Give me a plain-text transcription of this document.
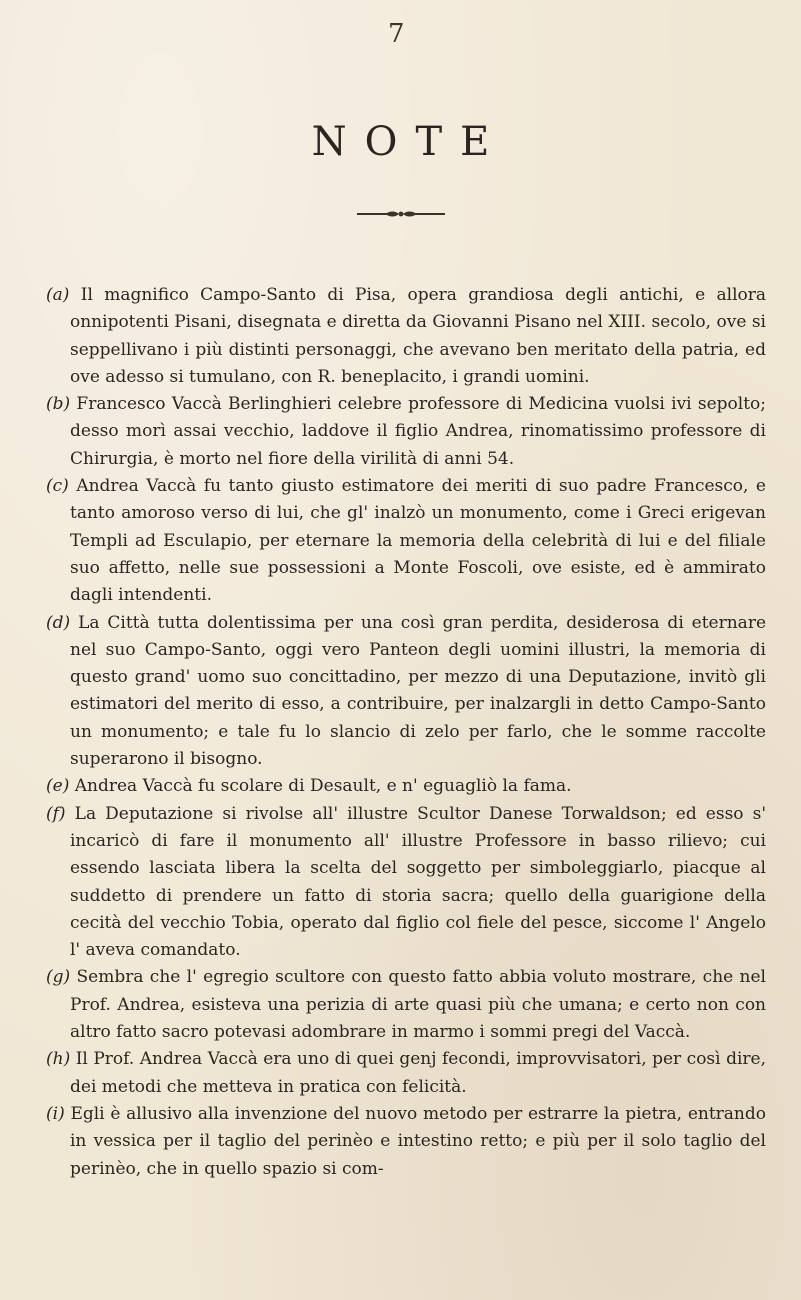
7
NOTE

(a) Il magnifico Campo-Santo di Pisa, opera grandiosa degli antichi, e allora onnipotenti Pisani, disegnata e diretta da Giovanni Pisano nel XIII. secolo, ove si seppellivano i più distinti personaggi, che avevano ben meritato della patria, ed ove adesso si tumulano, con R. beneplacito, i grandi uomini.

(b) Francesco Vaccà Berlinghieri celebre professore di Medicina vuolsi ivi sepolto; desso morì assai vecchio, laddove il figlio Andrea, rinomatissimo professore di Chirurgia, è morto nel fiore della virilità di anni 54.

(c) Andrea Vaccà fu tanto giusto estimatore dei meriti di suo padre Francesco, e tanto amoroso verso di lui, che gl' inalzò un monumento, come i Greci erigevan Templi ad Esculapio, per eternare la memoria della celebrità di lui e del filiale suo affetto, nelle sue possessioni a Monte Foscoli, ove esiste, ed è ammirato dagli intendenti.

(d) La Città tutta dolentissima per una così gran perdita, desiderosa di eternare nel suo Campo-Santo, oggi vero Panteon degli uomini illustri, la memoria di questo grand' uomo suo concittadino, per mezzo di una Deputazione, invitò gli estimatori del merito di esso, a contribuire, per inalzargli in detto Campo-Santo un monumento; e tale fu lo slancio di zelo per farlo, che le somme raccolte superarono il bisogno.

(e) Andrea Vaccà fu scolare di Desault, e n' eguagliò la fama.

(f) La Deputazione si rivolse all' illustre Scultor Danese Torwaldson; ed esso s' incaricò di fare il monumento all' illustre Professore in basso rilievo; cui essendo lasciata libera la scelta del soggetto per simboleggiarlo, piacque al suddetto di prendere un fatto di storia sacra; quello della guarigione della cecità del vecchio Tobia, operato dal figlio col fiele del pesce, siccome l' Angelo l' aveva comandato.

(g) Sembra che l' egregio scultore con questo fatto abbia voluto mostrare, che nel Prof. Andrea, esisteva una perizia di arte quasi più che umana; e certo non con altro fatto sacro potevasi adombrare in marmo i sommi pregi del Vaccà.

(h) Il Prof. Andrea Vaccà era uno di quei genj fecondi, improvvisatori, per così dire, dei metodi che metteva in pratica con felicità.

(i) Egli è allusivo alla invenzione del nuovo metodo per estrarre la pietra, entrando in vessica per il taglio del perinèo e intestino retto; e più per il solo taglio del perinèo, che in quello spazio si com-
